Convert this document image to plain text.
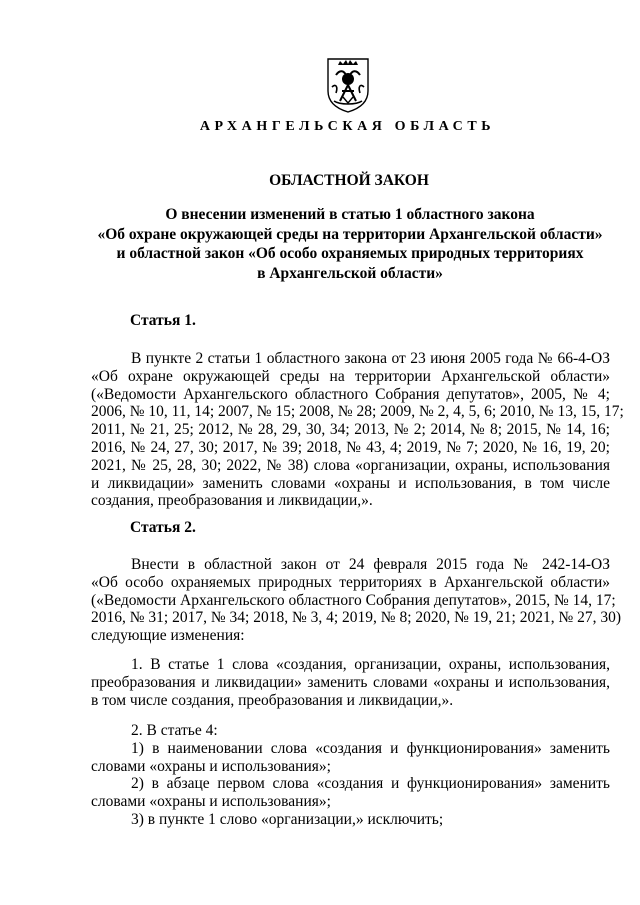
АРХАНГЕЛЬСКАЯ ОБЛАСТЬ
ОБЛАСТНОЙ ЗАКОН
О внесении изменений в статью 1 областного закона
«Об охране окружающей среды на территории Архангельской области»
и областной закон «Об особо охраняемых природных территориях
в Архангельской области»
Статья 1.
В пункте 2 статьи 1 областного закона от 23 июня 2005 года № 66-4-ОЗ
«Об охране окружающей среды на территории Архангельской области»
(«Ведомости Архангельского областного Собрания депутатов», 2005, № 4;
2006, № 10, 11, 14; 2007, № 15; 2008, № 28; 2009, № 2, 4, 5, 6; 2010, № 13, 15, 17;
2011, № 21, 25; 2012, № 28, 29, 30, 34; 2013, № 2; 2014, № 8; 2015, № 14, 16;
2016, № 24, 27, 30; 2017, № 39; 2018, № 43, 4; 2019, № 7; 2020, № 16, 19, 20;
2021, № 25, 28, 30; 2022, № 38) слова «организации, охраны, использования
и ликвидации» заменить словами «охраны и использования, в том числе
создания, преобразования и ликвидации,».
Статья 2.
Внести в областной закон от 24 февраля 2015 года № 242-14-ОЗ
«Об особо охраняемых природных территориях в Архангельской области»
(«Ведомости Архангельского областного Собрания депутатов», 2015, № 14, 17;
2016, № 31; 2017, № 34; 2018, № 3, 4; 2019, № 8; 2020, № 19, 21; 2021, № 27, 30)
следующие изменения:
1. В статье 1 слова «создания, организации, охраны, использования,
преобразования и ликвидации» заменить словами «охраны и использования,
в том числе создания, преобразования и ликвидации,».
2. В статье 4:
1) в наименовании слова «создания и функционирования» заменить
словами «охраны и использования»;
2) в абзаце первом слова «создания и функционирования» заменить
словами «охраны и использования»;
3) в пункте 1 слово «организации,» исключить;
